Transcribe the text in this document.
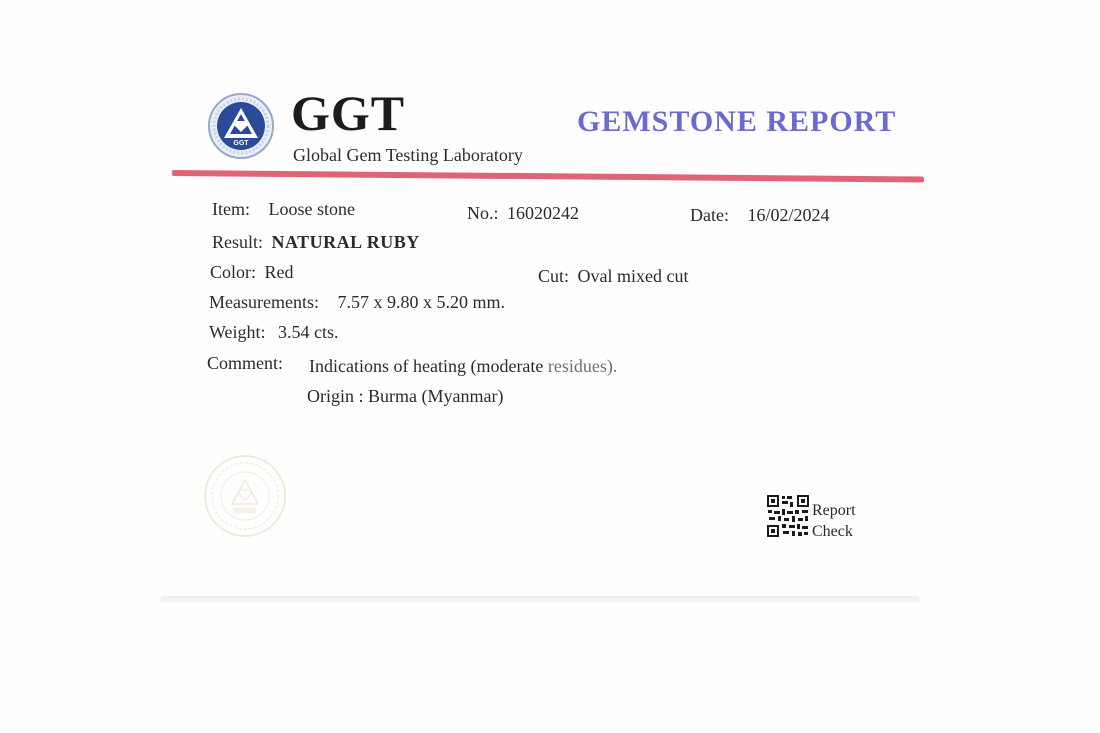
GGT
GGT
Global Gem Testing Laboratory
GEMSTONE REPORT
Item: Loose stone	No.: 16020242	Date: 16/02/2024
Result: NATURAL RUBY
Color: Red	Cut: Oval mixed cut
Measurements: 7.57 x 9.80 x 5.20 mm.
Weight: 3.54 cts.
Comment: Indications of heating (moderate residues).
Origin : Burma (Myanmar)
Report
Check
